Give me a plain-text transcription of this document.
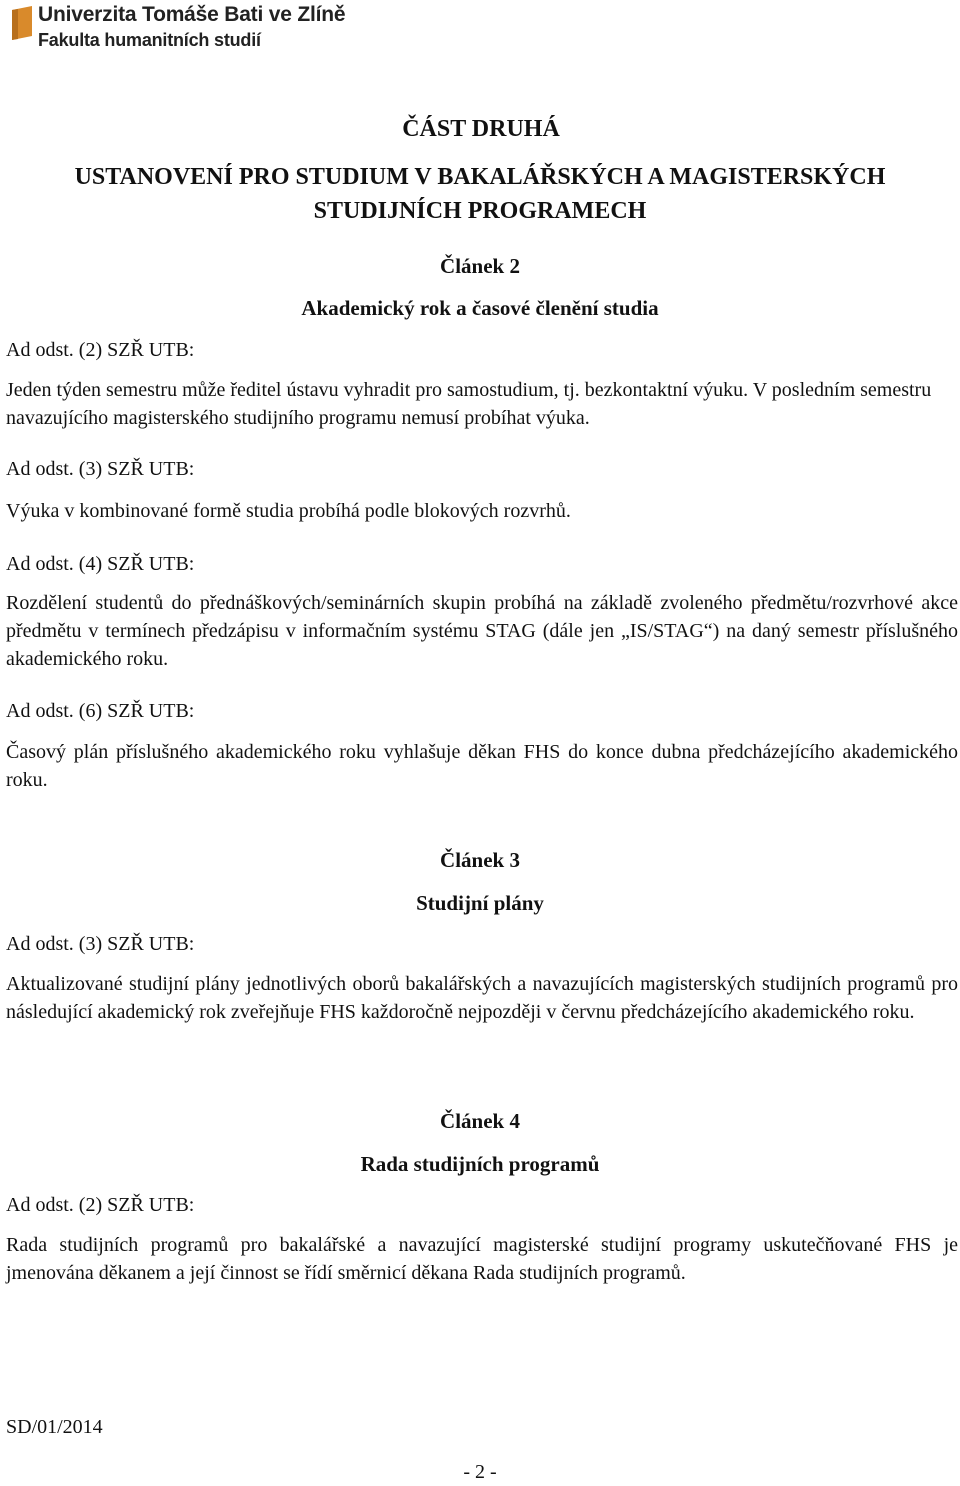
Univerzita Tomáše Bati ve Zlíně
Fakulta humanitních studií
ČÁST DRUHÁ
USTANOVENÍ PRO STUDIUM V BAKALÁŘSKÝCH A MAGISTERSKÝCH STUDIJNÍCH PROGRAMECH
Článek 2
Akademický rok a časové členění studia
Ad odst. (2) SZŘ UTB:
Jeden týden semestru může ředitel ústavu vyhradit pro samostudium, tj. bezkontaktní výuku. V posledním semestru navazujícího magisterského studijního programu nemusí probíhat výuka.
Ad odst. (3) SZŘ UTB:
Výuka v kombinované formě studia probíhá podle blokových rozvrhů.
Ad odst. (4) SZŘ UTB:
Rozdělení studentů do přednáškových/seminárních skupin probíhá na základě zvoleného předmětu/rozvrhové akce předmětu v termínech předzápisu v informačním systému STAG (dále jen „IS/STAG“) na daný semestr příslušného akademického roku.
Ad odst. (6) SZŘ UTB:
Časový plán příslušného akademického roku vyhlašuje děkan FHS do konce dubna předcházejícího akademického roku.
Článek 3
Studijní plány
Ad odst. (3) SZŘ UTB:
Aktualizované studijní plány jednotlivých oborů bakalářských a navazujících magisterských studijních programů pro následující akademický rok zveřejňuje FHS každoročně nejpozději v červnu předcházejícího akademického roku.
Článek 4
Rada studijních programů
Ad odst. (2) SZŘ UTB:
Rada studijních programů pro bakalářské a navazující magisterské studijní programy uskutečňované FHS je jmenována děkanem a její činnost se řídí směrnicí děkana Rada studijních programů.
SD/01/2014
- 2 -
